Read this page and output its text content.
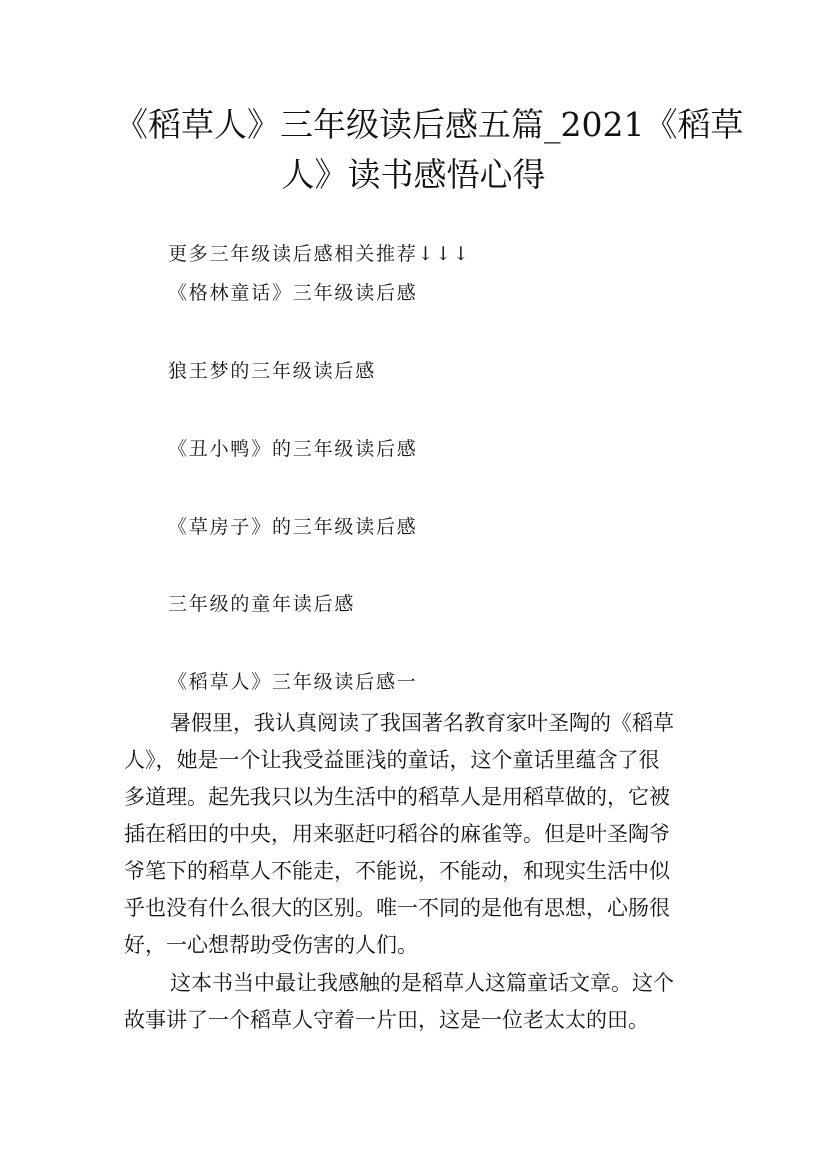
《稻草人》三年级读后感五篇_2021《稻草
人》读书感悟心得
更多三年级读后感相关推荐↓↓↓
《格林童话》三年级读后感
狼王梦的三年级读后感
《丑小鸭》的三年级读后感
《草房子》的三年级读后感
三年级的童年读后感
《稻草人》三年级读后感一
暑假里，我认真阅读了我国著名教育家叶圣陶的《稻草
人》，她是一个让我受益匪浅的童话，这个童话里蕴含了很
多道理。起先我只以为生活中的稻草人是用稻草做的，它被
插在稻田的中央，用来驱赶叼稻谷的麻雀等。但是叶圣陶爷
爷笔下的稻草人不能走，不能说，不能动，和现实生活中似
乎也没有什么很大的区别。唯一不同的是他有思想，心肠很
好，一心想帮助受伤害的人们。
这本书当中最让我感触的是稻草人这篇童话文章。这个
故事讲了一个稻草人守着一片田，这是一位老太太的田。
